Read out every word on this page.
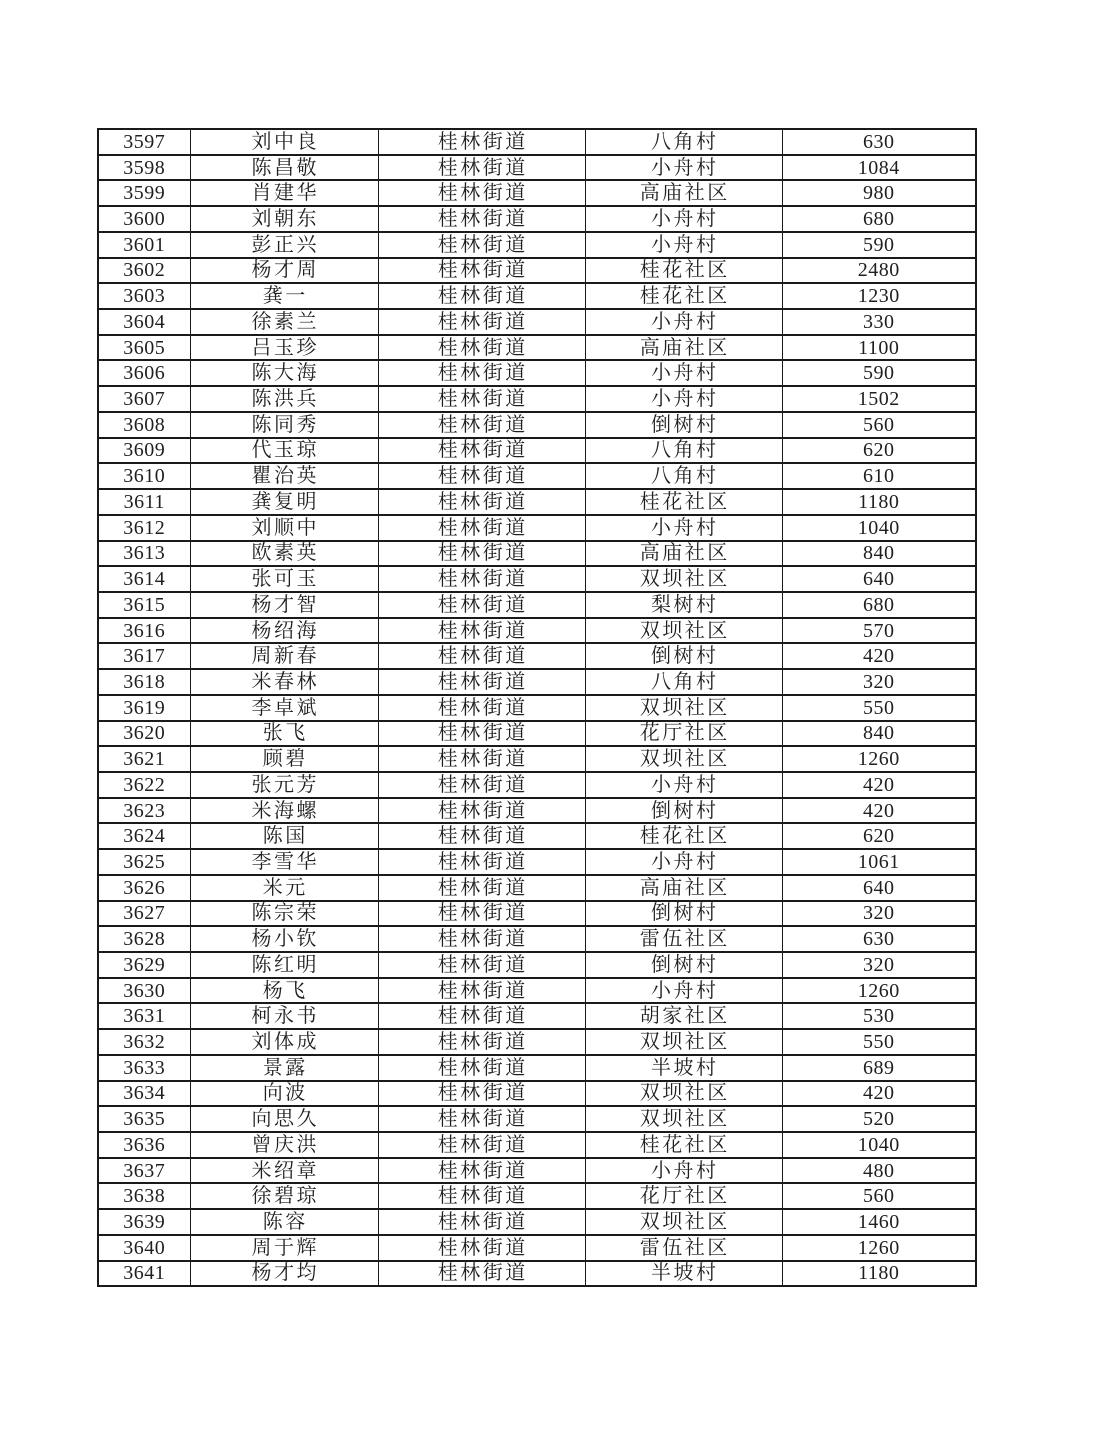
3597	刘中良	桂林街道	八角村	630
3598	陈昌敬	桂林街道	小舟村	1084
3599	肖建华	桂林街道	高庙社区	980
3600	刘朝东	桂林街道	小舟村	680
3601	彭正兴	桂林街道	小舟村	590
3602	杨才周	桂林街道	桂花社区	2480
3603	龚一	桂林街道	桂花社区	1230
3604	徐素兰	桂林街道	小舟村	330
3605	吕玉珍	桂林街道	高庙社区	1100
3606	陈大海	桂林街道	小舟村	590
3607	陈洪兵	桂林街道	小舟村	1502
3608	陈同秀	桂林街道	倒树村	560
3609	代玉琼	桂林街道	八角村	620
3610	瞿治英	桂林街道	八角村	610
3611	龚复明	桂林街道	桂花社区	1180
3612	刘顺中	桂林街道	小舟村	1040
3613	欧素英	桂林街道	高庙社区	840
3614	张可玉	桂林街道	双坝社区	640
3615	杨才智	桂林街道	梨树村	680
3616	杨绍海	桂林街道	双坝社区	570
3617	周新春	桂林街道	倒树村	420
3618	米春林	桂林街道	八角村	320
3619	李卓斌	桂林街道	双坝社区	550
3620	张飞	桂林街道	花厅社区	840
3621	顾碧	桂林街道	双坝社区	1260
3622	张元芳	桂林街道	小舟村	420
3623	米海螺	桂林街道	倒树村	420
3624	陈国	桂林街道	桂花社区	620
3625	李雪华	桂林街道	小舟村	1061
3626	米元	桂林街道	高庙社区	640
3627	陈宗荣	桂林街道	倒树村	320
3628	杨小钦	桂林街道	雷伍社区	630
3629	陈红明	桂林街道	倒树村	320
3630	杨飞	桂林街道	小舟村	1260
3631	柯永书	桂林街道	胡家社区	530
3632	刘体成	桂林街道	双坝社区	550
3633	景露	桂林街道	半坡村	689
3634	向波	桂林街道	双坝社区	420
3635	向思久	桂林街道	双坝社区	520
3636	曾庆洪	桂林街道	桂花社区	1040
3637	米绍章	桂林街道	小舟村	480
3638	徐碧琼	桂林街道	花厅社区	560
3639	陈容	桂林街道	双坝社区	1460
3640	周于辉	桂林街道	雷伍社区	1260
3641	杨才均	桂林街道	半坡村	1180
